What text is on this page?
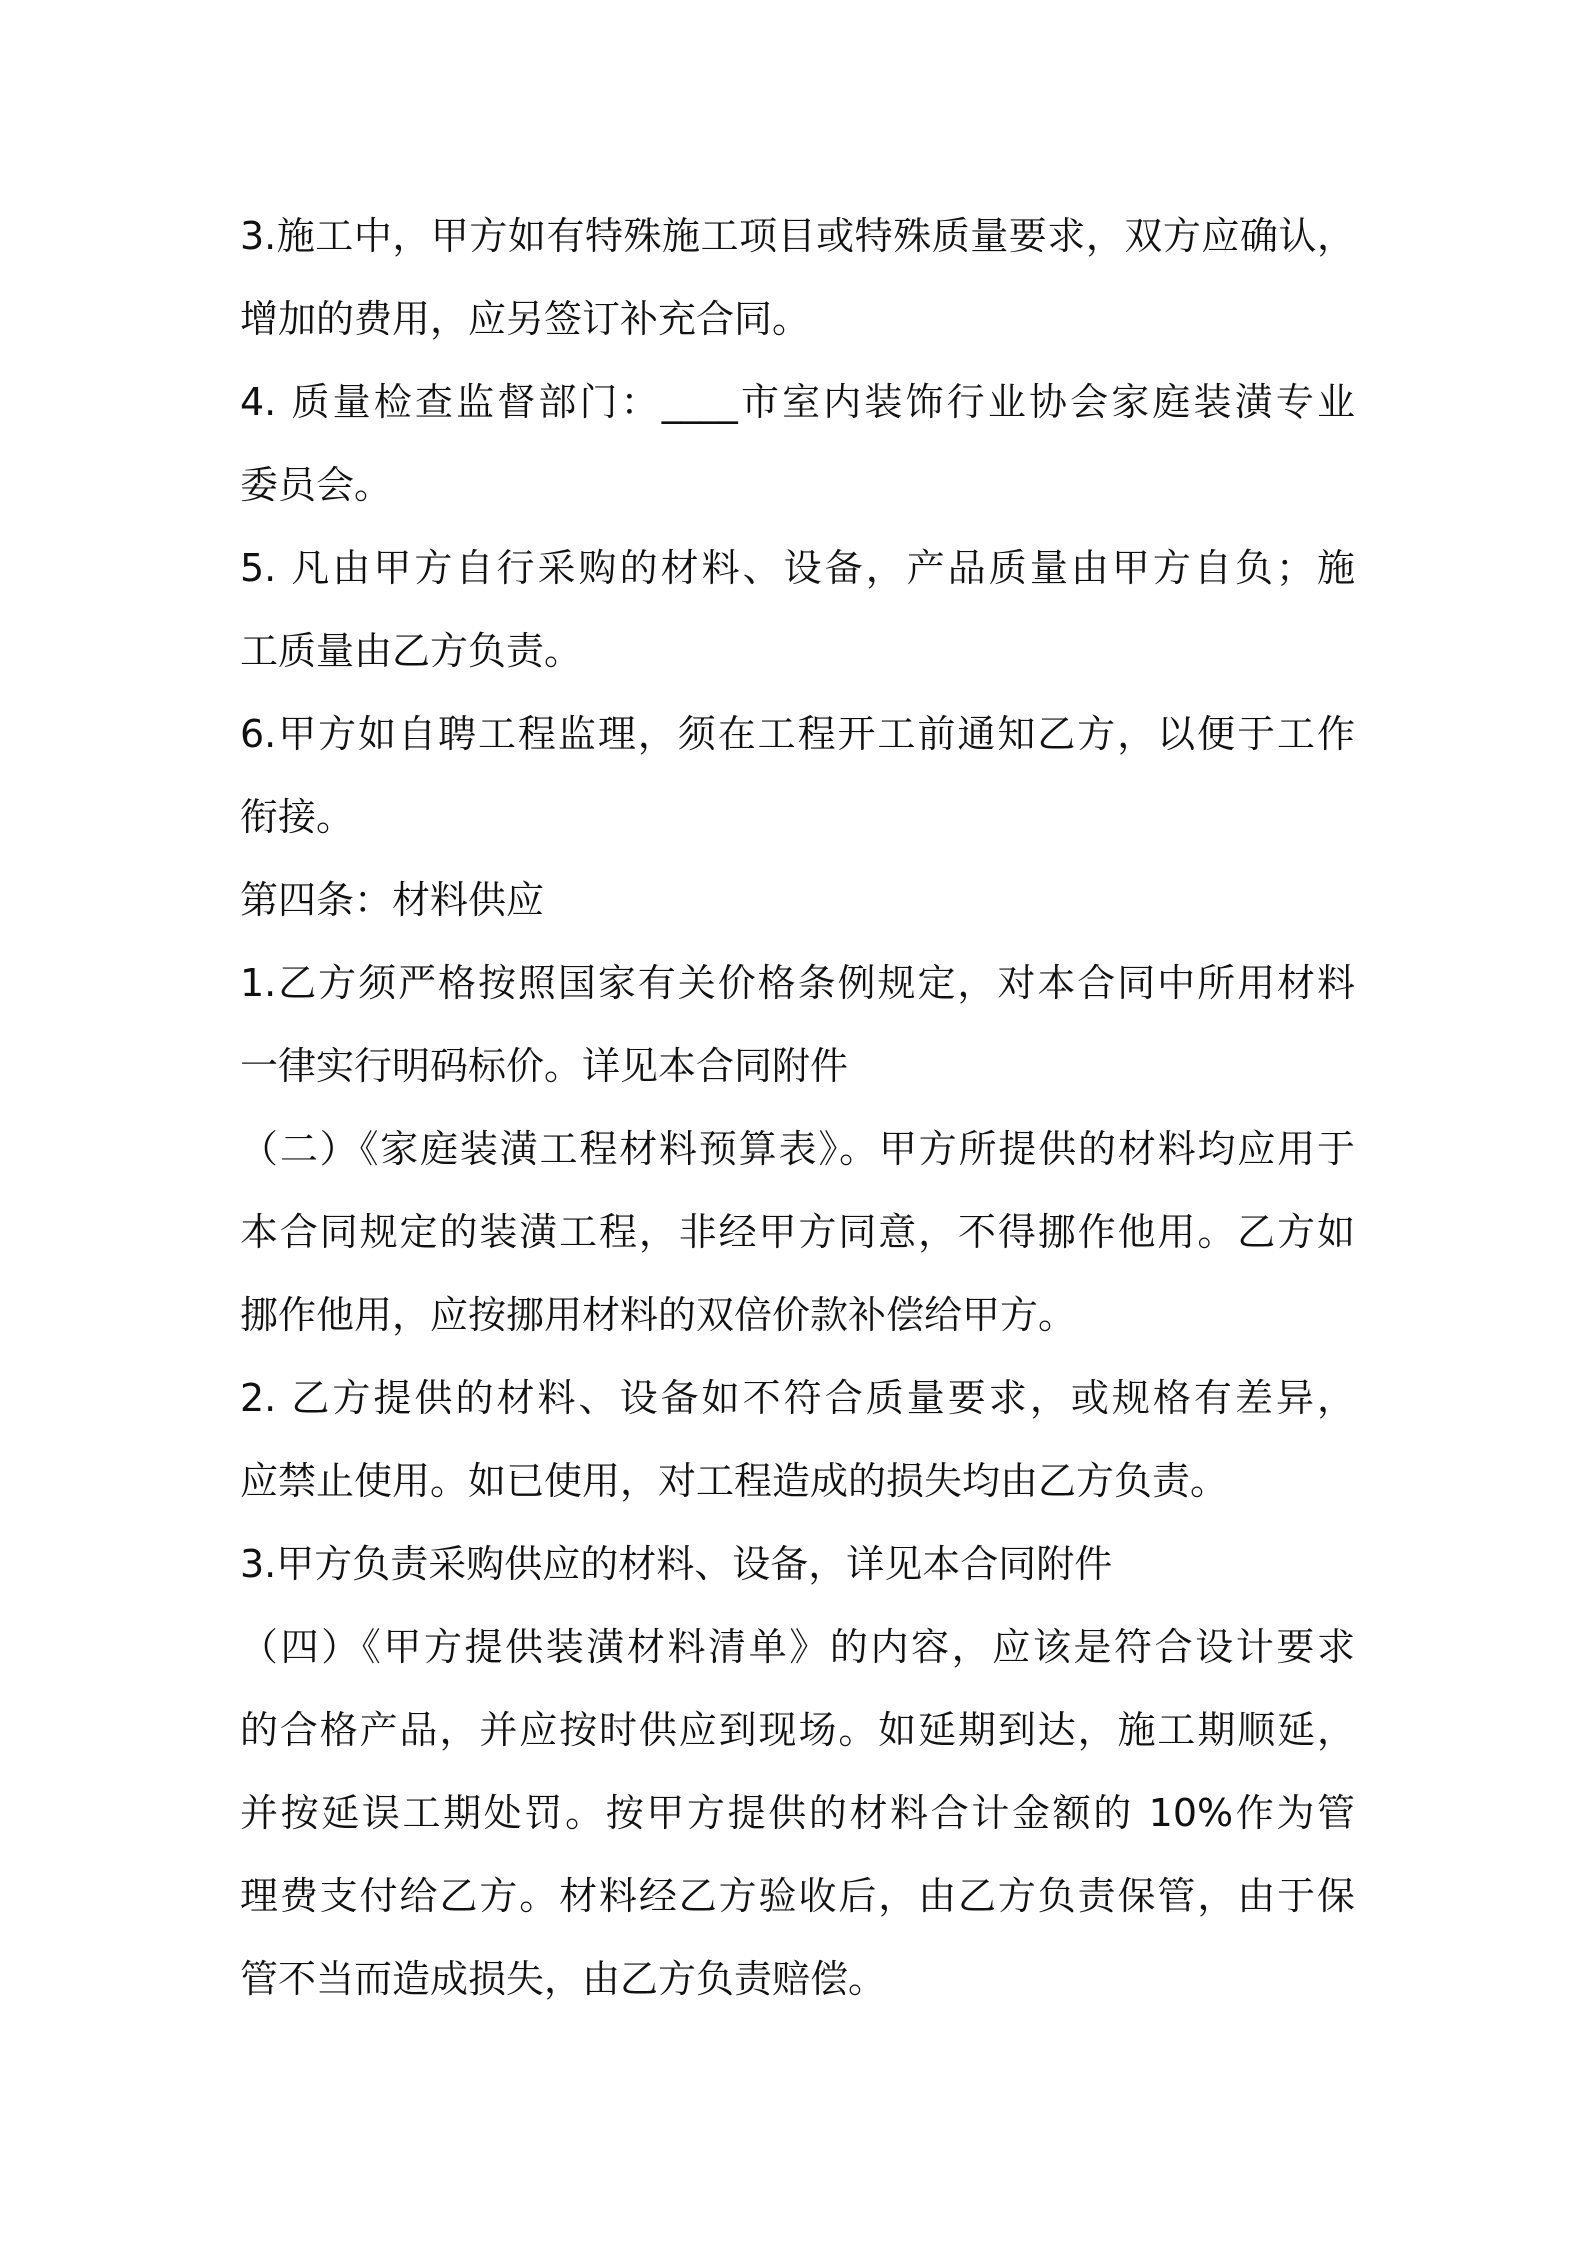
3.施工中，甲方如有特殊施工项目或特殊质量要求，双方应确认，
增加的费用，应另签订补充合同。
4. 质量检查监督部门：____市室内装饰行业协会家庭装潢专业
委员会。
5. 凡由甲方自行采购的材料、设备，产品质量由甲方自负；施
工质量由乙方负责。
6.甲方如自聘工程监理，须在工程开工前通知乙方，以便于工作
衔接。
第四条：材料供应
1.乙方须严格按照国家有关价格条例规定，对本合同中所用材料
一律实行明码标价。详见本合同附件
（二）《家庭装潢工程材料预算表》。甲方所提供的材料均应用于
本合同规定的装潢工程，非经甲方同意，不得挪作他用。乙方如
挪作他用，应按挪用材料的双倍价款补偿给甲方。
2. 乙方提供的材料、设备如不符合质量要求，或规格有差异，
应禁止使用。如已使用，对工程造成的损失均由乙方负责。
3.甲方负责采购供应的材料、设备，详见本合同附件
（四）《甲方提供装潢材料清单》的内容，应该是符合设计要求
的合格产品，并应按时供应到现场。如延期到达，施工期顺延，
并按延误工期处罚。按甲方提供的材料合计金额的 10%作为管
理费支付给乙方。材料经乙方验收后，由乙方负责保管，由于保
管不当而造成损失，由乙方负责赔偿。
